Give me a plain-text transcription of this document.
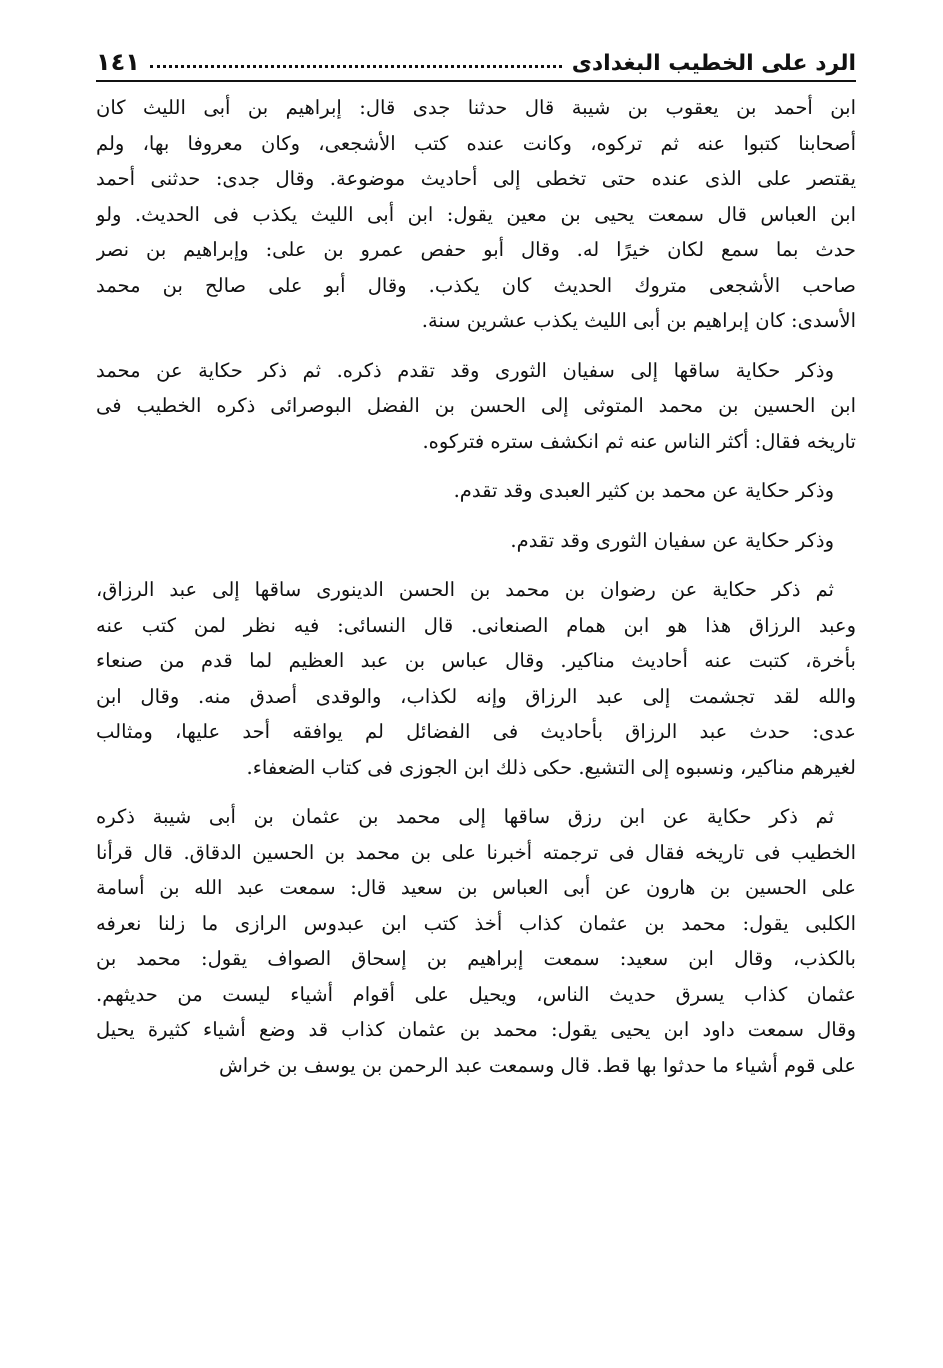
الرد على الخطيب البغدادى
١٤١
ابن أحمد بن يعقوب بن شيبة قال حدثنا جدى قال: إبراهيم بن أبى الليث كان
أصحابنا كتبوا عنه ثم تركوه، وكانت عنده كتب الأشجعى، وكان معروفا بها، ولم
يقتصر على الذى عنده حتى تخطى إلى أحاديث موضوعة. وقال جدى: حدثنى أحمد
ابن العباس قال سمعت يحيى بن معين يقول: ابن أبى الليث يكذب فى الحديث. ولو
حدث بما سمع لكان خيرًا له. وقال أبو حفص عمرو بن على: وإبراهيم بن نصر
صاحب الأشجعى متروك الحديث كان يكذب. وقال أبو على صالح بن محمد
الأسدى: كان إبراهيم بن أبى الليث يكذب عشرين سنة.
وذكر حكاية ساقها إلى سفيان الثورى وقد تقدم ذكره. ثم ذكر حكاية عن محمد
ابن الحسين بن محمد المتوثى إلى الحسن بن الفضل البوصرائى ذكره الخطيب فى
تاريخه فقال: أكثر الناس عنه ثم انكشف ستره فتركوه.
وذكر حكاية عن محمد بن كثير العبدى وقد تقدم.
وذكر حكاية عن سفيان الثورى وقد تقدم.
ثم ذكر حكاية عن رضوان بن محمد بن الحسن الدينورى ساقها إلى عبد الرزاق،
وعبد الرزاق هذا هو ابن همام الصنعانى. قال النسائى: فيه نظر لمن كتب عنه
بأخرة، كتبت عنه أحاديث مناكير. وقال عباس بن عبد العظيم لما قدم من صنعاء
والله لقد تجشمت إلى عبد الرزاق وإنه لكذاب، والوقدى أصدق منه. وقال ابن
عدى: حدث عبد الرزاق بأحاديث فى الفضائل لم يوافقه أحد عليها، ومثالب
لغيرهم مناكير، ونسبوه إلى التشيع. حكى ذلك ابن الجوزى فى كتاب الضعفاء.
ثم ذكر حكاية عن ابن رزق ساقها إلى محمد بن عثمان بن أبى شيبة ذكره
الخطيب فى تاريخه فقال فى ترجمته أخبرنا على بن محمد بن الحسين الدقاق. قال قرأنا
على الحسين بن هارون عن أبى العباس بن سعيد قال: سمعت عبد الله بن أسامة
الكلبى يقول: محمد بن عثمان كذاب أخذ كتب ابن عبدوس الرازى ما زلنا نعرفه
بالكذب، وقال ابن سعيد: سمعت إبراهيم بن إسحاق الصواف يقول: محمد بن
عثمان كذاب يسرق حديث الناس، ويحيل على أقوام أشياء ليست من حديثهم.
وقال سمعت داود ابن يحيى يقول: محمد بن عثمان كذاب قد وضع أشياء كثيرة يحيل
على قوم أشياء ما حدثوا بها قط. قال وسمعت عبد الرحمن بن يوسف بن خراش
